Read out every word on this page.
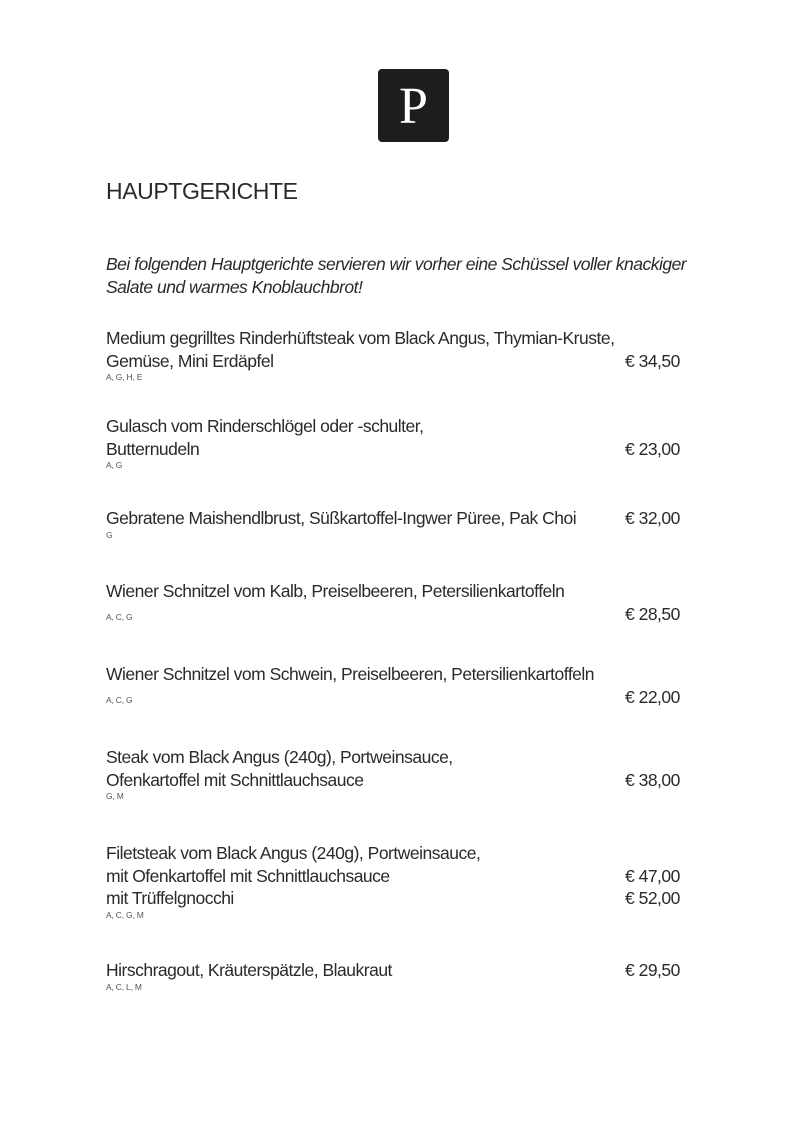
P
HAUPTGERICHTE

Bei folgenden Hauptgerichte servieren wir vorher eine Schüssel voller knackiger Salate und warmes Knoblauchbrot!

Medium gegrilltes Rinderhüftsteak vom Black Angus, Thymian-Kruste,
Gemüse, Mini Erdäpfel	€ 34,50
A, G, H, E
Gulasch vom Rinderschlögel oder -schulter,
Butternudeln	€ 23,00
A, G
Gebratene Maishendlbrust, Süßkartoffel-Ingwer Püree, Pak Choi	€ 32,00
G
Wiener Schnitzel vom Kalb, Preiselbeeren, Petersilienkartoffeln
A, C, G	€ 28,50
Wiener Schnitzel vom Schwein, Preiselbeeren, Petersilienkartoffeln
A, C, G	€ 22,00
Steak vom Black Angus (240g), Portweinsauce,
Ofenkartoffel mit Schnittlauchsauce	€ 38,00
G, M
Filetsteak vom Black Angus (240g), Portweinsauce,
mit Ofenkartoffel mit Schnittlauchsauce	€ 47,00
mit Trüffelgnocchi	€ 52,00
A, C, G, M
Hirschragout, Kräuterspätzle, Blaukraut	€ 29,50
A, C, L, M
